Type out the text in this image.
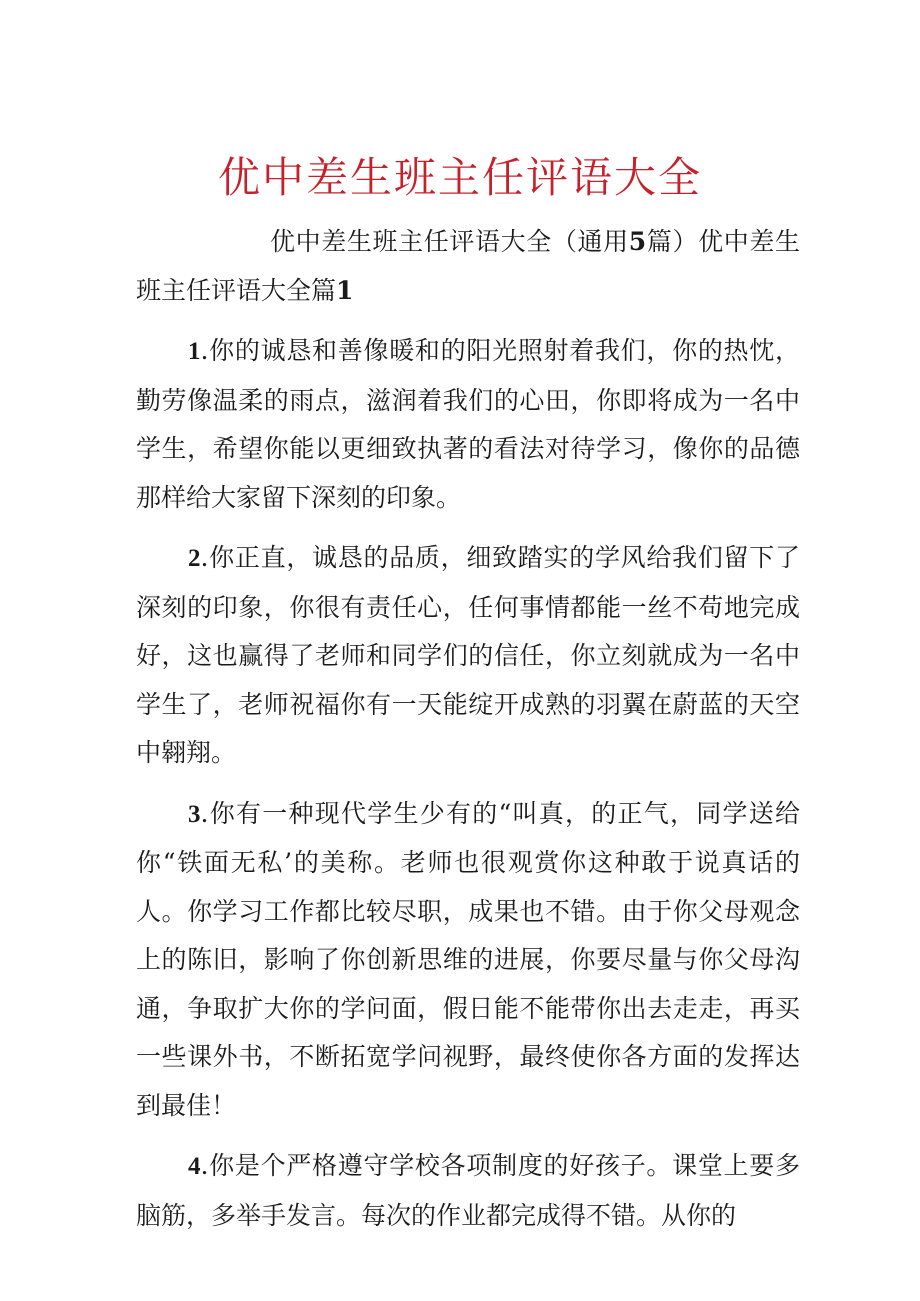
优中差生班主任评语大全

优中差生班主任评语大全（通用5篇）优中差生班主任评语大全篇1

1.你的诚恳和善像暖和的阳光照射着我们，你的热忱，勤劳像温柔的雨点，滋润着我们的心田，你即将成为一名中学生，希望你能以更细致执著的看法对待学习，像你的品德那样给大家留下深刻的印象。

2.你正直，诚恳的品质，细致踏实的学风给我们留下了深刻的印象，你很有责任心，任何事情都能一丝不苟地完成好，这也赢得了老师和同学们的信任，你立刻就成为一名中学生了，老师祝福你有一天能绽开成熟的羽翼在蔚蓝的天空中翱翔。

3.你有一种现代学生少有的“叫真，的正气，同学送给你“铁面无私’的美称。老师也很观赏你这种敢于说真话的人。你学习工作都比较尽职，成果也不错。由于你父母观念上的陈旧，影响了你创新思维的进展，你要尽量与你父母沟通，争取扩大你的学问面，假日能不能带你出去走走，再买一些课外书，不断拓宽学问视野，最终使你各方面的发挥达到最佳！

4.你是个严格遵守学校各项制度的好孩子。课堂上要多脑筋，多举手发言。每次的作业都完成得不错。从你的
